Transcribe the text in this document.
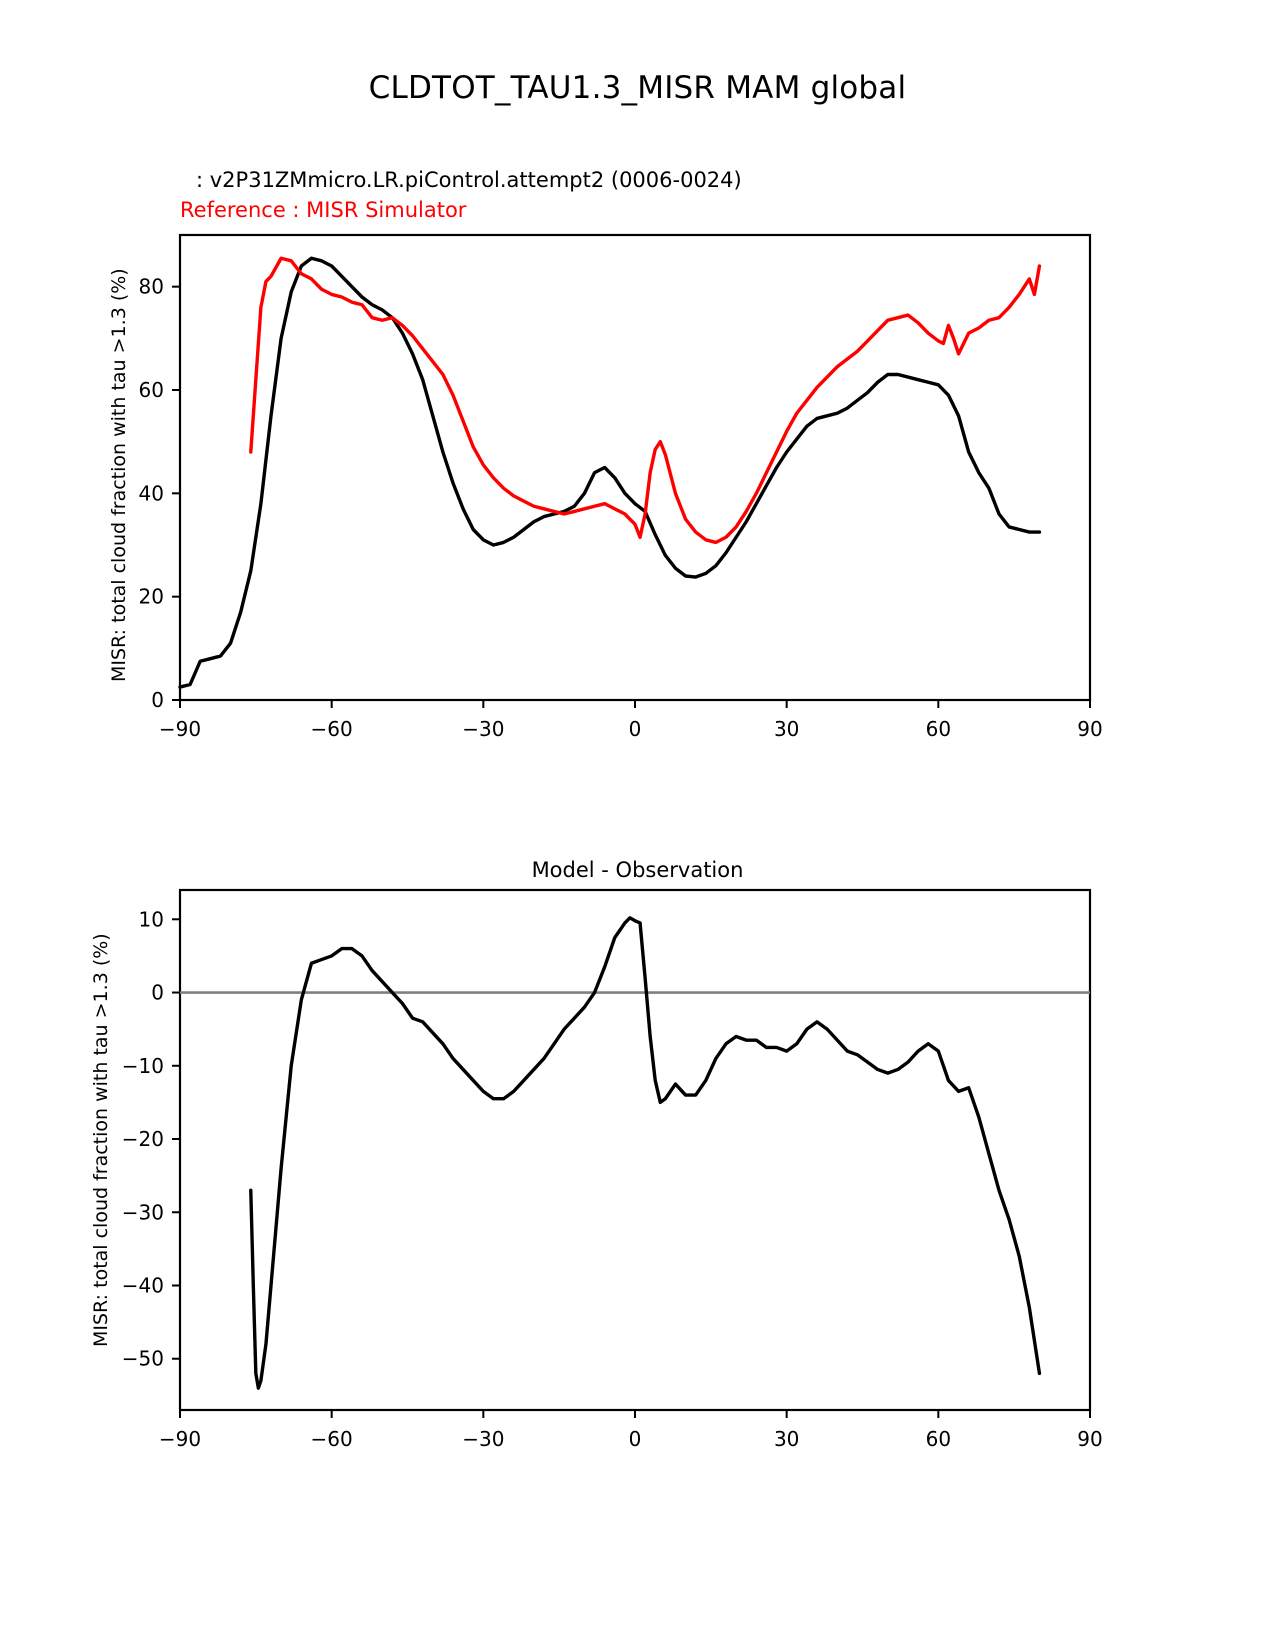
CLDTOT_TAU1.3_MISR MAM global
: v2P31ZMmicro.LR.piControl.attempt2 (0006-0024)
Reference : MISR Simulator
MISR: total cloud fraction with tau >1.3 (%)
MISR: total cloud fraction with tau >1.3 (%)
Model - Observation
−90	−60	−30	0	30	60	90
0
20
40
60
80
−90	−60	−30	0	30	60	90
−50
−40
−30
−20
−10
0
10
